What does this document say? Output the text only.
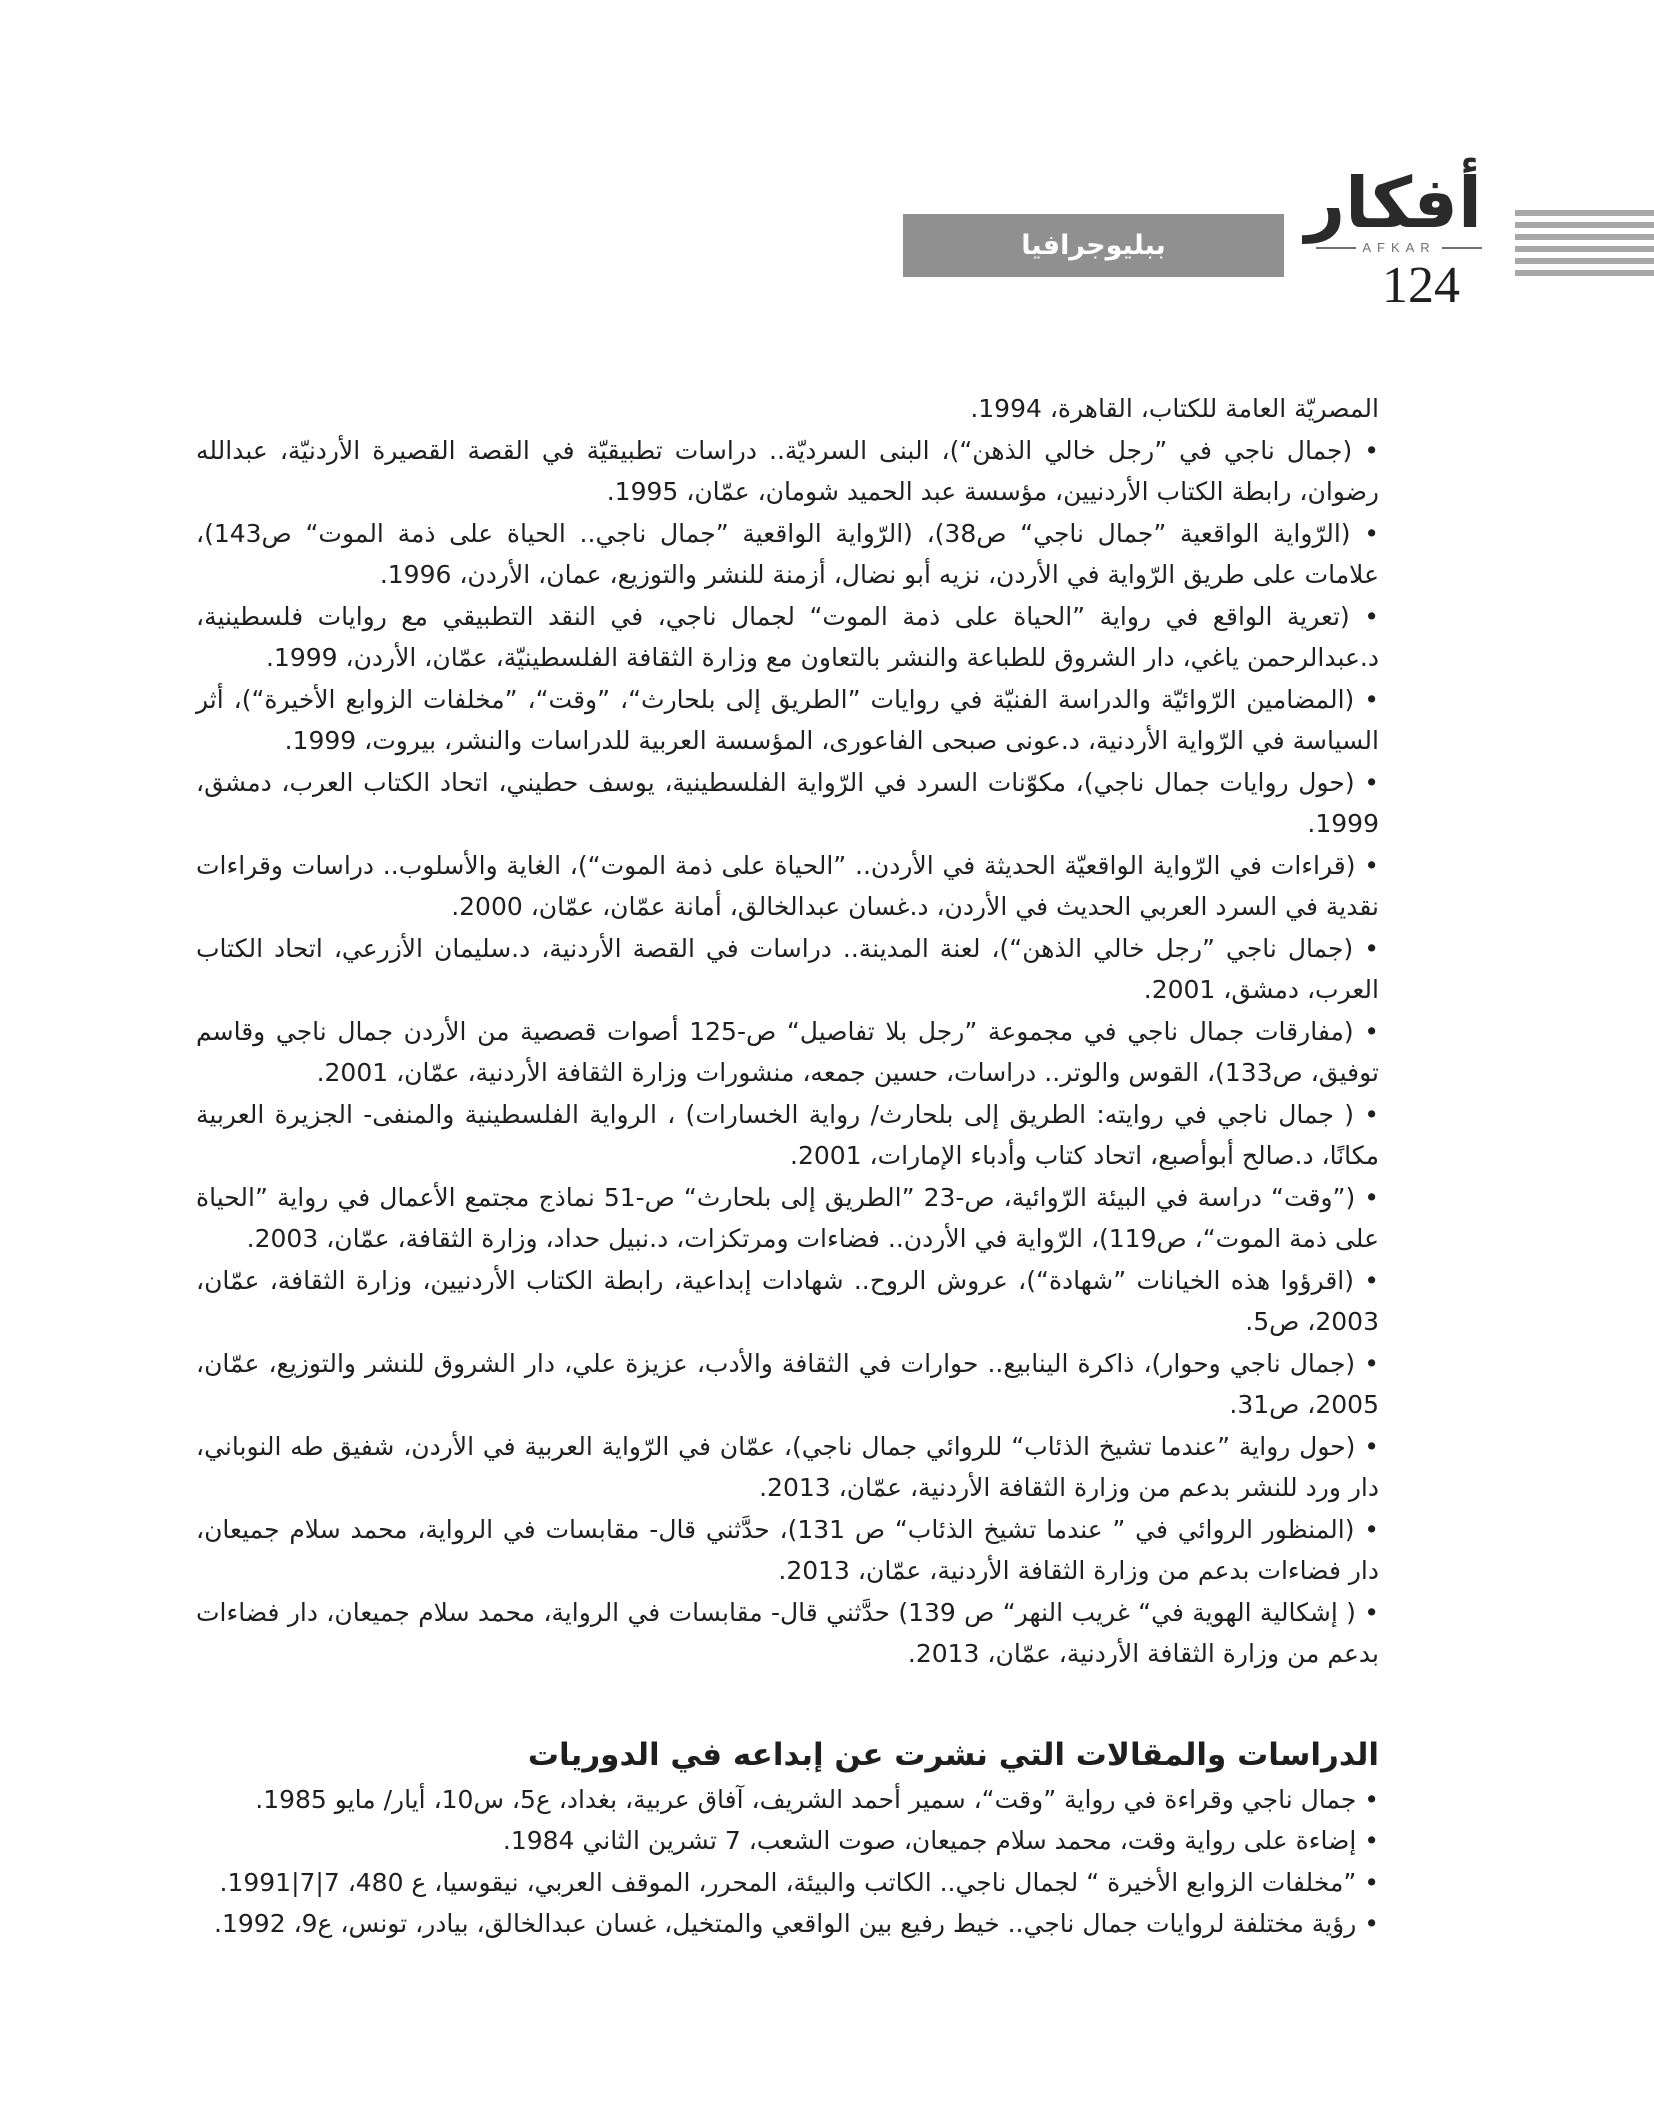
ببليوجرافيا
أفكار
AFKAR
124

المصريّة العامة للكتاب، القاهرة، 1994.

• (جمال ناجي في ”رجل خالي الذهن“)، البنى السرديّة.. دراسات تطبيقيّة في القصة القصيرة الأردنيّة، عبدالله رضوان، رابطة الكتاب الأردنيين، مؤسسة عبد الحميد شومان، عمّان، 1995.

• (الرّواية الواقعية ”جمال ناجي“ ص38)، (الرّواية الواقعية ”جمال ناجي.. الحياة على ذمة الموت“ ص143)، علامات على طريق الرّواية في الأردن، نزيه أبو نضال، أزمنة للنشر والتوزيع، عمان، الأردن، 1996.

• (تعرية الواقع في رواية ”الحياة على ذمة الموت“ لجمال ناجي، في النقد التطبيقي مع روايات فلسطينية، د.عبدالرحمن ياغي، دار الشروق للطباعة والنشر بالتعاون مع وزارة الثقافة الفلسطينيّة، عمّان، الأردن، 1999.

• (المضامين الرّوائيّة والدراسة الفنيّة في روايات ”الطريق إلى بلحارث“، ”وقت“، ”مخلفات الزوابع الأخيرة“)، أثر السياسة في الرّواية الأردنية، د.عونى صبحى الفاعورى، المؤسسة العربية للدراسات والنشر، بيروت، 1999.

• (حول روايات جمال ناجي)، مكوّنات السرد في الرّواية الفلسطينية، يوسف حطيني، اتحاد الكتاب العرب، دمشق، 1999.

• (قراءات في الرّواية الواقعيّة الحديثة في الأردن.. ”الحياة على ذمة الموت“)، الغاية والأسلوب.. دراسات وقراءات نقدية في السرد العربي الحديث في الأردن، د.غسان عبدالخالق، أمانة عمّان، عمّان، 2000.

• (جمال ناجي ”رجل خالي الذهن“)، لعنة المدينة.. دراسات في القصة الأردنية، د.سليمان الأزرعي، اتحاد الكتاب العرب، دمشق، 2001.

• (مفارقات جمال ناجي في مجموعة ”رجل بلا تفاصيل“ ص-125 أصوات قصصية من الأردن جمال ناجي وقاسم توفيق، ص133)، القوس والوتر.. دراسات، حسين جمعه، منشورات وزارة الثقافة الأردنية، عمّان، 2001.

• ( جمال ناجي في روايته: الطريق إلى بلحارث/ رواية الخسارات) ، الرواية الفلسطينية والمنفى- الجزيرة العربية مكانًا، د.صالح أبوأصبع، اتحاد كتاب وأدباء الإمارات، 2001.

• (”وقت“ دراسة في البيئة الرّوائية، ص-23 ”الطريق إلى بلحارث“ ص-51 نماذج مجتمع الأعمال في رواية ”الحياة على ذمة الموت“، ص119)، الرّواية في الأردن.. فضاءات ومرتكزات، د.نبيل حداد، وزارة الثقافة، عمّان، 2003.

• (اقرؤوا هذه الخيانات ”شهادة“)، عروش الروح.. شهادات إبداعية، رابطة الكتاب الأردنيين، وزارة الثقافة، عمّان، 2003، ص5.

• (جمال ناجي وحوار)، ذاكرة الينابيع.. حوارات في الثقافة والأدب، عزيزة علي، دار الشروق للنشر والتوزيع، عمّان، 2005، ص31.

• (حول رواية ”عندما تشيخ الذئاب“ للروائي جمال ناجي)، عمّان في الرّواية العربية في الأردن، شفيق طه النوباني، دار ورد للنشر بدعم من وزارة الثقافة الأردنية، عمّان، 2013.

• (المنظور الروائي في ” عندما تشيخ الذئاب“ ص 131)، حدَّثني قال- مقابسات في الرواية، محمد سلام جميعان، دار فضاءات بدعم من وزارة الثقافة الأردنية، عمّان، 2013.

• ( إشكالية الهوية في“ غريب النهر“ ص 139) حدَّثني قال- مقابسات في الرواية، محمد سلام جميعان، دار فضاءات بدعم من وزارة الثقافة الأردنية، عمّان، 2013.

الدراسات والمقالات التي نشرت عن إبداعه في الدوريات

• جمال ناجي وقراءة في رواية ”وقت“، سمير أحمد الشريف، آفاق عربية، بغداد، ع5، س10، أيار/ مايو 1985.

• إضاءة على رواية وقت، محمد سلام جميعان، صوت الشعب، 7 تشرين الثاني 1984.

• ”مخلفات الزوابع الأخيرة “ لجمال ناجي.. الكاتب والبيئة، المحرر، الموقف العربي، نيقوسيا، ع 480، 7|7|1991.

• رؤية مختلفة لروايات جمال ناجي.. خيط رفيع بين الواقعي والمتخيل، غسان عبدالخالق، بيادر، تونس، ع9، 1992.
